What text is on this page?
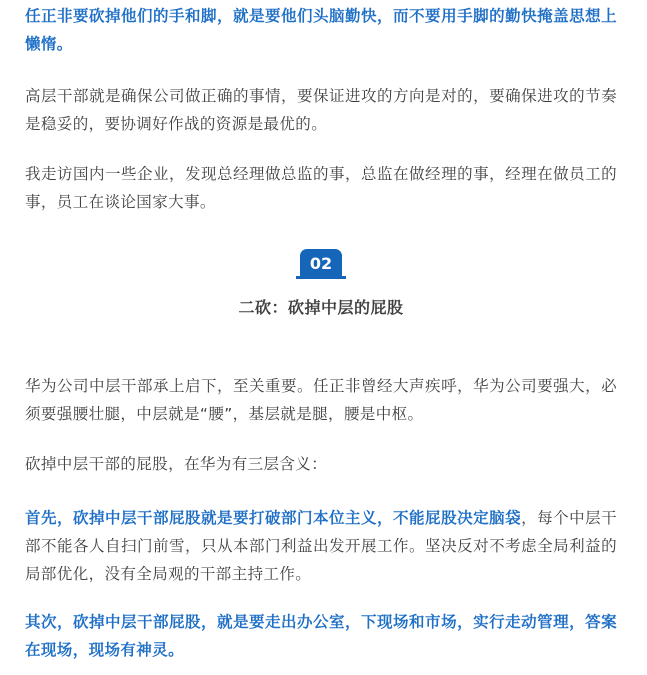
任正非要砍掉他们的手和脚，就是要他们头脑勤快，而不要用手脚的勤快掩盖思想上懒惰。

高层干部就是确保公司做正确的事情，要保证进攻的方向是对的，要确保进攻的节奏是稳妥的，要协调好作战的资源是最优的。

我走访国内一些企业，发现总经理做总监的事，总监在做经理的事，经理在做员工的事，员工在谈论国家大事。

02
二砍：砍掉中层的屁股

华为公司中层干部承上启下，至关重要。任正非曾经大声疾呼，华为公司要强大，必须要强腰壮腿，中层就是“腰”，基层就是腿，腰是中枢。

砍掉中层干部的屁股，在华为有三层含义：

首先，砍掉中层干部屁股就是要打破部门本位主义，不能屁股决定脑袋，每个中层干部不能各人自扫门前雪，只从本部门利益出发开展工作。坚决反对不考虑全局利益的局部优化，没有全局观的干部主持工作。

其次，砍掉中层干部屁股，就是要走出办公室，下现场和市场，实行走动管理，答案在现场，现场有神灵。
